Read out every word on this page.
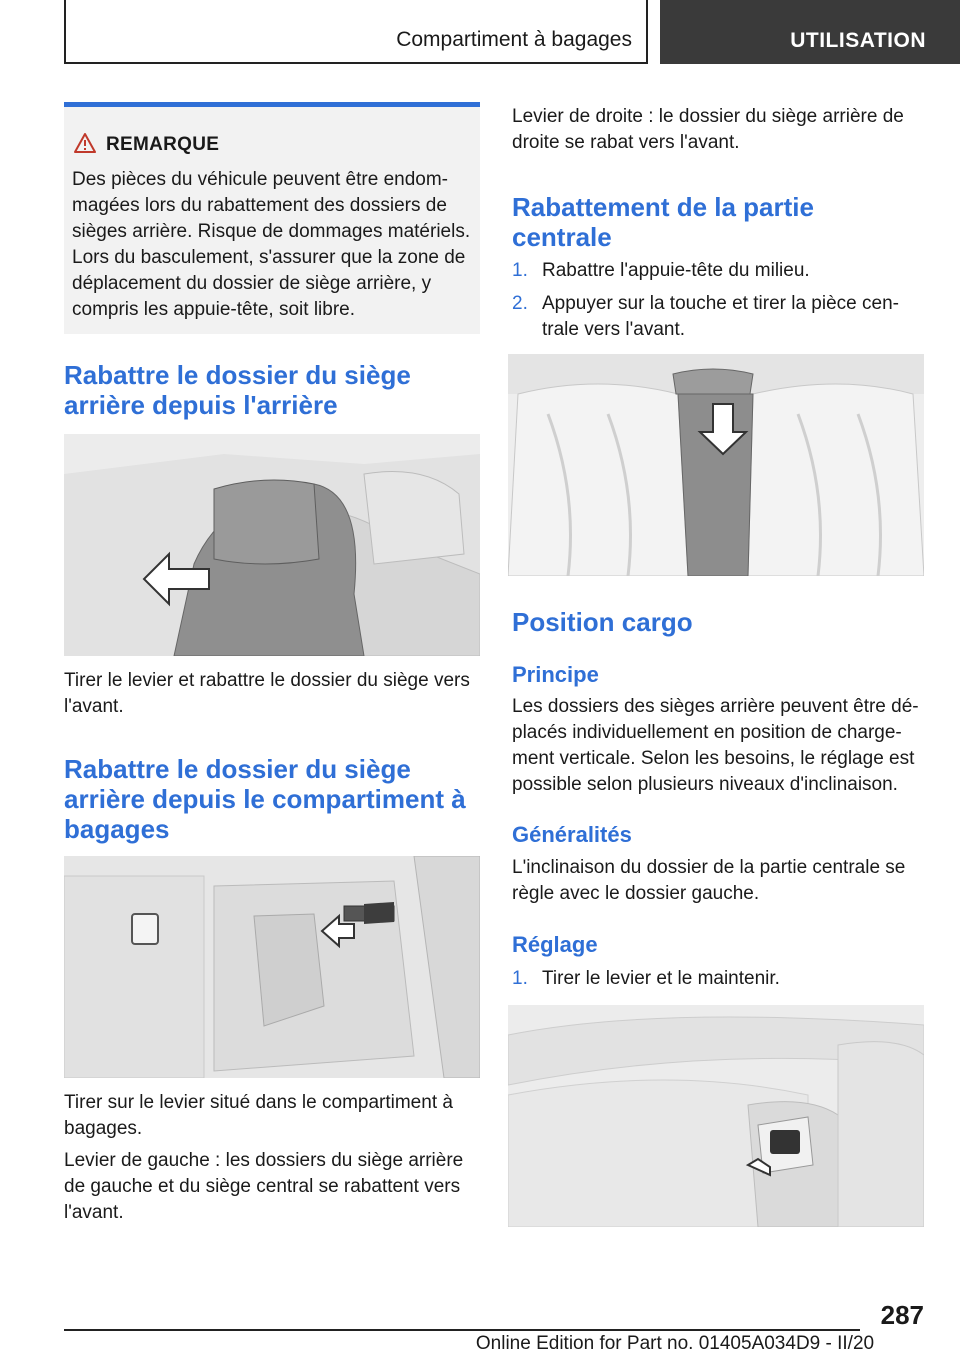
Compartiment à bagages	UTILISATION
REMARQUE
Des pièces du véhicule peuvent être endom-
magées lors du rabattement des dossiers de
sièges arrière. Risque de dommages matériels.
Lors du basculement, s'assurer que la zone de
déplacement du dossier de siège arrière, y
compris les appuie-tête, soit libre.
Rabattre le dossier du siège
arrière depuis l'arrière
Tirer le levier et rabattre le dossier du siège vers
l'avant.
Rabattre le dossier du siège
arrière depuis le compartiment à
bagages
Tirer sur le levier situé dans le compartiment à
bagages.
Levier de gauche : les dossiers du siège arrière
de gauche et du siège central se rabattent vers
l'avant.
Levier de droite : le dossier du siège arrière de
droite se rabat vers l'avant.
Rabattement de la partie
centrale
1. Rabattre l'appuie-tête du milieu.
2. Appuyer sur la touche et tirer la pièce cen-
trale vers l'avant.
Position cargo
Principe
Les dossiers des sièges arrière peuvent être dé-
placés individuellement en position de charge-
ment verticale. Selon les besoins, le réglage est
possible selon plusieurs niveaux d'inclinaison.
Généralités
L'inclinaison du dossier de la partie centrale se
règle avec le dossier gauche.
Réglage
1. Tirer le levier et le maintenir.
287
Online Edition for Part no. 01405A034D9 - II/20
